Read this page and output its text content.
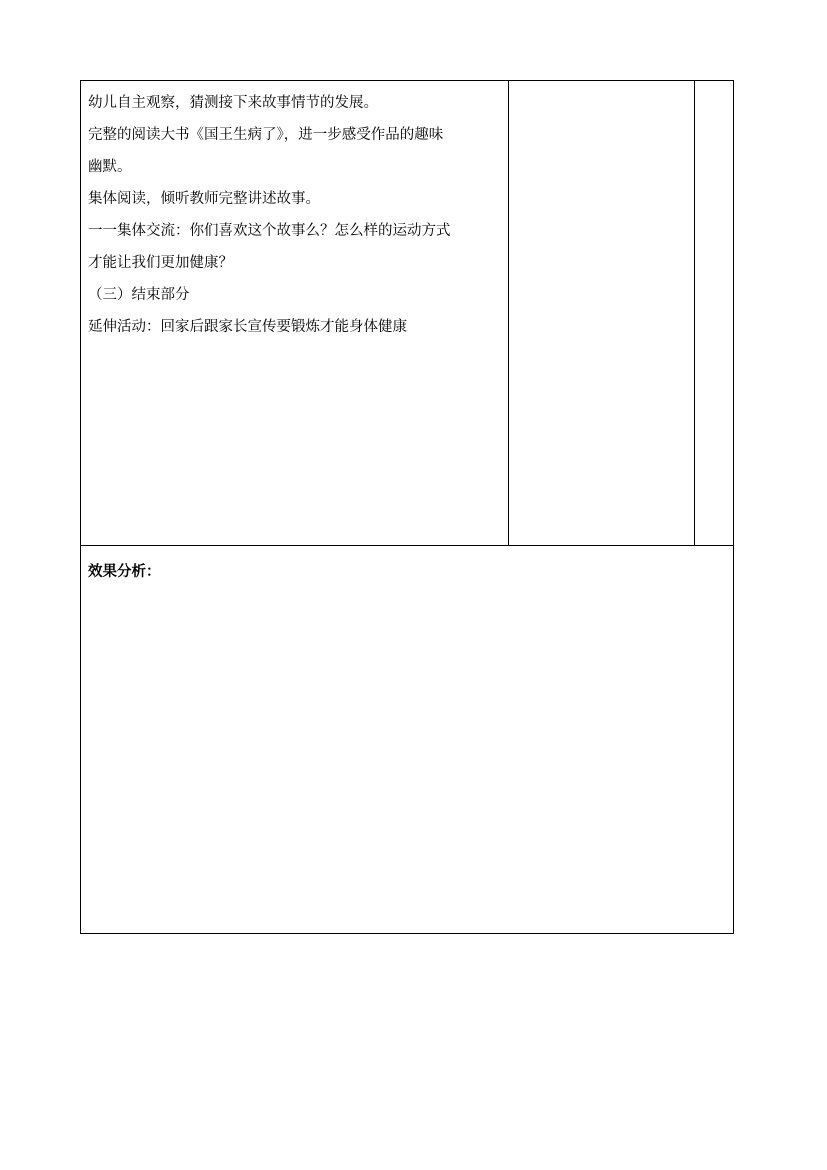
幼儿自主观察，猜测接下来故事情节的发展。

完整的阅读大书《国王生病了》，进一步感受作品的趣味

幽默。

集体阅读，倾听教师完整讲述故事。

一一集体交流：你们喜欢这个故事么？怎么样的运动方式

才能让我们更加健康？

（三）结束部分

延伸活动：回家后跟家长宣传要锻炼才能身体健康

效果分析：
